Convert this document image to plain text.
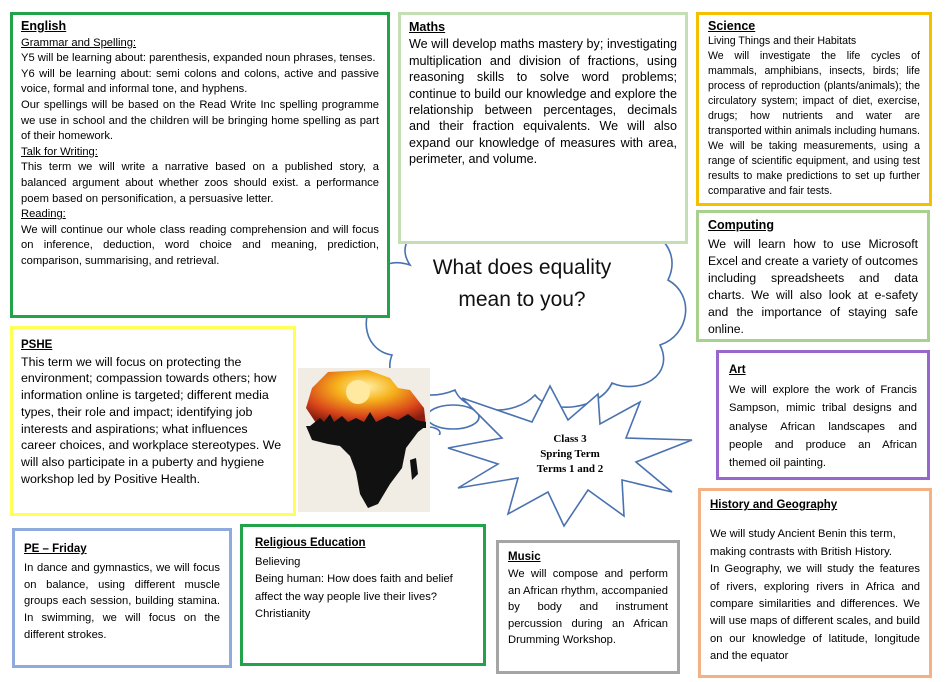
What does equality
mean to you?
Class 3
Spring Term
Terms 1 and 2
English
Grammar and Spelling:
Y5 will be learning about: parenthesis, expanded noun phrases, tenses.
Y6 will be learning about: semi colons and colons, active and passive voice, formal and informal tone, and hyphens.
Our spellings will be based on the Read Write Inc spelling programme we use in school and the children will be bringing home spelling as part of their homework.
Talk for Writing:
This term we will write a narrative based on a published story, a balanced argument about whether zoos should exist. a performance poem based on personification, a persuasive letter.
Reading:
We will continue our whole class reading comprehension and will focus on inference, deduction, word choice and meaning, prediction, comparison, summarising, and retrieval.
Maths
We will develop maths mastery by; investigating multiplication and division of fractions, using reasoning skills to solve word problems; continue to build our knowledge and explore the relationship between percentages, decimals and their fraction equivalents. We will also expand our knowledge of measures with area, perimeter, and volume.
Science
Living Things and their Habitats
We will investigate the life cycles of mammals, amphibians, insects, birds; life process of reproduction (plants/animals); the circulatory system; impact of diet, exercise, drugs; how nutrients and water are transported within animals including humans. We will be taking measurements, using a range of scientific equipment, and using test results to make predictions to set up further comparative and fair tests.
Computing
We will learn how to use Microsoft Excel and create a variety of outcomes including spreadsheets and data charts. We will also look at e-safety and the importance of staying safe online.
PSHE
This term we will focus on protecting the environment; compassion towards others; how information online is targeted; different media types, their role and impact; identifying job interests and aspirations; what influences career choices, and workplace stereotypes. We will also participate in a puberty and hygiene workshop led by Positive Health.
Art
We will explore the work of Francis Sampson, mimic tribal designs and analyse African landscapes and people and produce an African themed oil painting.
History and Geography
We will study Ancient Benin this term, making contrasts with British History.
In Geography, we will study the features of rivers, exploring rivers in Africa and compare similarities and differences. We will use maps of different scales, and build on our knowledge of latitude, longitude and the equator
PE – Friday
In dance and gymnastics, we will focus on balance, using different muscle groups each session, building stamina. In swimming, we will focus on the different strokes.
Religious Education
Believing
Being human: How does faith and belief affect the way people live their lives?
Christianity
Music
We will compose and perform an African rhythm, accompanied by body and instrument percussion during an African Drumming Workshop.
